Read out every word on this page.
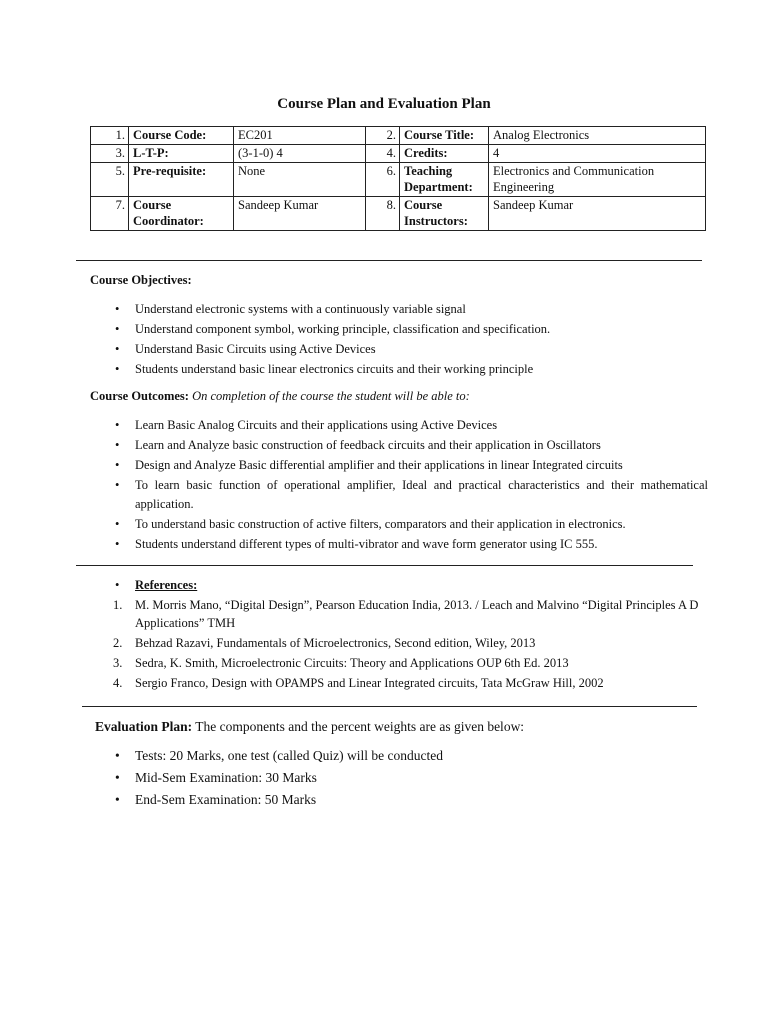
Course Plan and Evaluation Plan
1.	Course Code:	EC201	2.	Course Title:	Analog Electronics
3.	L-T-P:	(3-1-0) 4	4.	Credits:	4
5.	Pre-requisite:	None	6.	Teaching Department:	Electronics and Communication Engineering
7.	Course Coordinator:	Sandeep Kumar	8.	Course Instructors:	Sandeep Kumar
Course Objectives:
• Understand electronic systems with a continuously variable signal
• Understand component symbol, working principle, classification and specification.
• Understand Basic Circuits using Active Devices
• Students understand basic linear electronics circuits and their working principle
Course Outcomes: On completion of the course the student will be able to:
• Learn Basic Analog Circuits and their applications using Active Devices
• Learn and Analyze basic construction of feedback circuits and their application in Oscillators
• Design and Analyze Basic differential amplifier and their applications in linear Integrated circuits
• To learn basic function of operational amplifier, Ideal and practical characteristics and their mathematical application.
• To understand basic construction of active filters, comparators and their application in electronics.
• Students understand different types of multi-vibrator and wave form generator using IC 555.
• References:
1. M. Morris Mano, “Digital Design”, Pearson Education India, 2013. / Leach and Malvino “Digital Principles A D Applications” TMH
2. Behzad Razavi, Fundamentals of Microelectronics, Second edition, Wiley, 2013
3. Sedra, K. Smith, Microelectronic Circuits: Theory and Applications OUP 6th Ed. 2013
4. Sergio Franco, Design with OPAMPS and Linear Integrated circuits, Tata McGraw Hill, 2002
Evaluation Plan: The components and the percent weights are as given below:
• Tests: 20 Marks, one test (called Quiz) will be conducted
• Mid-Sem Examination: 30 Marks
• End-Sem Examination: 50 Marks
